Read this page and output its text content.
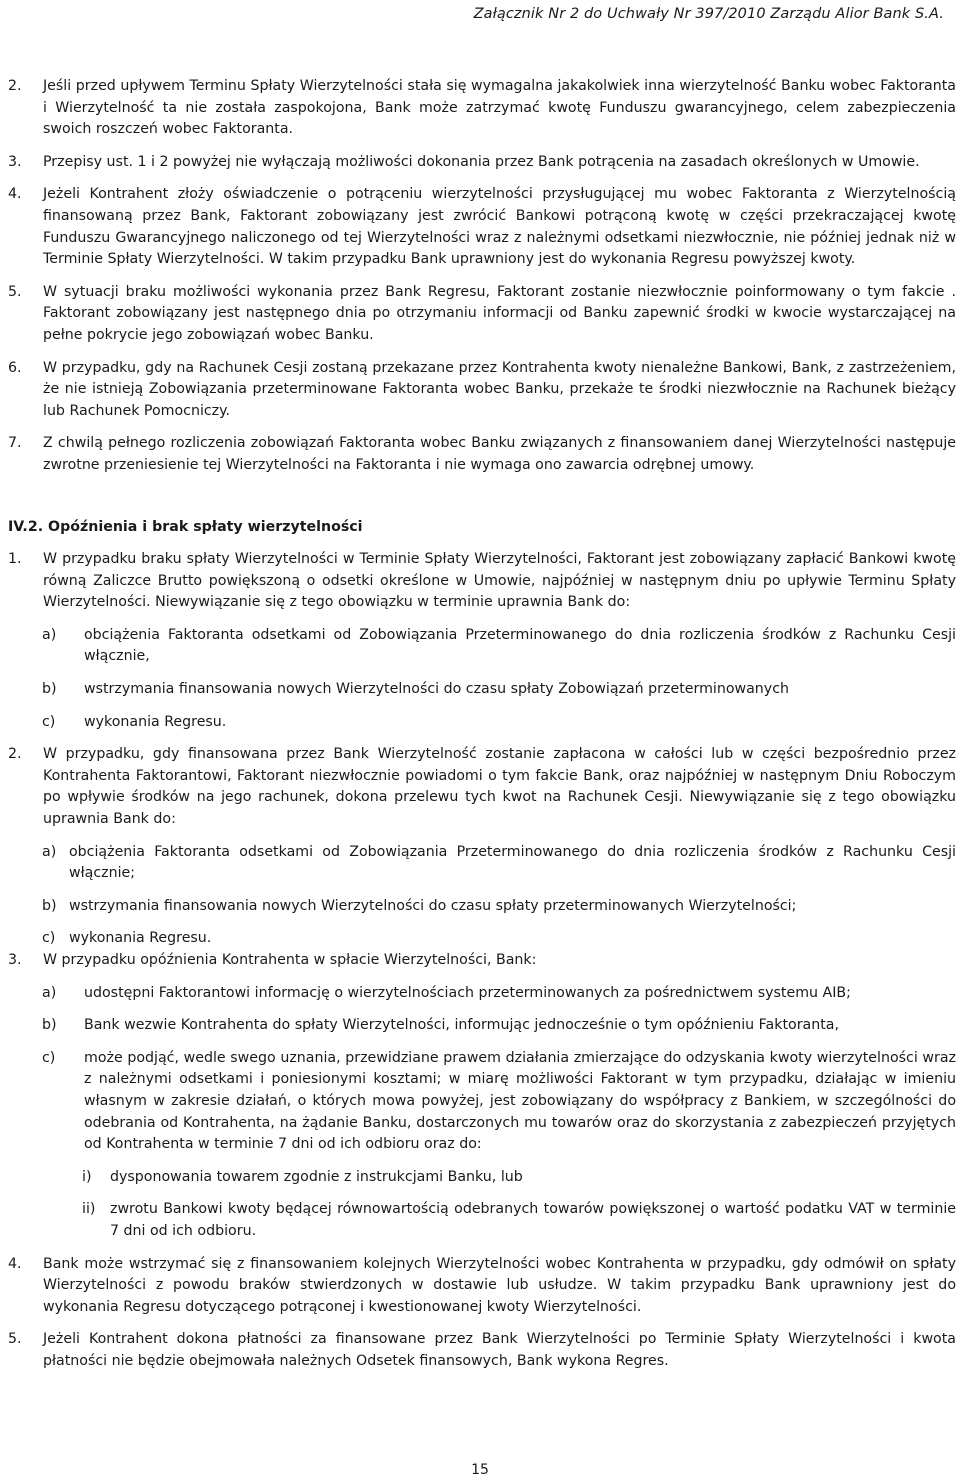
Załącznik Nr 2 do Uchwały Nr 397/2010 Zarządu Alior Bank S.A.
2. Jeśli przed upływem Terminu Spłaty Wierzytelności stała się wymagalna jakakolwiek inna wierzytelność Banku wobec Faktoranta i Wierzytelność ta nie została zaspokojona, Bank może zatrzymać kwotę Funduszu gwarancyjnego, celem zabezpieczenia swoich roszczeń wobec Faktoranta.

3. Przepisy ust. 1 i 2 powyżej nie wyłączają możliwości dokonania przez Bank potrącenia na zasadach określonych w Umowie.

4. Jeżeli Kontrahent złoży oświadczenie o potrąceniu wierzytelności przysługującej mu wobec Faktoranta z Wierzytelnością finansowaną przez Bank, Faktorant zobowiązany jest zwrócić Bankowi potrąconą kwotę w części przekraczającej kwotę Funduszu Gwarancyjnego naliczonego od tej Wierzytelności wraz z należnymi odsetkami niezwłocznie, nie później jednak niż w Terminie Spłaty Wierzytelności. W takim przypadku Bank uprawniony jest do wykonania Regresu powyższej kwoty.

5. W sytuacji braku możliwości wykonania przez Bank Regresu, Faktorant zostanie niezwłocznie poinformowany o tym fakcie . Faktorant zobowiązany jest następnego dnia po otrzymaniu informacji od Banku zapewnić środki w kwocie wystarczającej na pełne pokrycie jego zobowiązań wobec Banku.

6. W przypadku, gdy na Rachunek Cesji zostaną przekazane przez Kontrahenta kwoty nienależne Bankowi, Bank, z zastrzeżeniem, że nie istnieją Zobowiązania przeterminowane Faktoranta wobec Banku, przekaże te środki niezwłocznie na Rachunek bieżący lub Rachunek Pomocniczy.

7. Z chwilą pełnego rozliczenia zobowiązań Faktoranta wobec Banku związanych z finansowaniem danej Wierzytelności następuje zwrotne przeniesienie tej Wierzytelności na Faktoranta i nie wymaga ono zawarcia odrębnej umowy.

IV.2. Opóźnienia i brak spłaty wierzytelności
1. W przypadku braku spłaty Wierzytelności w Terminie Spłaty Wierzytelności, Faktorant jest zobowiązany zapłacić Bankowi kwotę równą Zaliczce Brutto powiększoną o odsetki określone w Umowie, najpóźniej w następnym dniu po upływie Terminu Spłaty Wierzytelności. Niewywiązanie się z tego obowiązku w terminie uprawnia Bank do:

a) obciążenia Faktoranta odsetkami od Zobowiązania Przeterminowanego do dnia rozliczenia środków z Rachunku Cesji włącznie,

b) wstrzymania finansowania nowych Wierzytelności do czasu spłaty Zobowiązań przeterminowanych

c) wykonania Regresu.

2. W przypadku, gdy finansowana przez Bank Wierzytelność zostanie zapłacona w całości lub w części bezpośrednio przez Kontrahenta Faktorantowi, Faktorant niezwłocznie powiadomi o tym fakcie Bank, oraz najpóźniej w następnym Dniu Roboczym po wpływie środków na jego rachunek, dokona przelewu tych kwot na Rachunek Cesji. Niewywiązanie się z tego obowiązku uprawnia Bank do:

a) obciążenia Faktoranta odsetkami od Zobowiązania Przeterminowanego do dnia rozliczenia środków z Rachunku Cesji włącznie;

b) wstrzymania finansowania nowych Wierzytelności do czasu spłaty przeterminowanych Wierzytelności;

c) wykonania Regresu.

3. W przypadku opóźnienia Kontrahenta w spłacie Wierzytelności, Bank:

a) udostępni Faktorantowi informację o wierzytelnościach przeterminowanych za pośrednictwem systemu AIB;

b) Bank wezwie Kontrahenta do spłaty Wierzytelności, informując jednocześnie o tym opóźnieniu Faktoranta,

c) może podjąć, wedle swego uznania, przewidziane prawem działania zmierzające do odzyskania kwoty wierzytelności wraz z należnymi odsetkami i poniesionymi kosztami; w miarę możliwości Faktorant w tym przypadku, działając w imieniu własnym w zakresie działań, o których mowa powyżej, jest zobowiązany do współpracy z Bankiem, w szczególności do odebrania od Kontrahenta, na żądanie Banku, dostarczonych mu towarów oraz do skorzystania z zabezpieczeń przyjętych od Kontrahenta w terminie 7 dni od ich odbioru oraz do:

i) dysponowania towarem zgodnie z instrukcjami Banku, lub

ii) zwrotu Bankowi kwoty będącej równowartością odebranych towarów powiększonej o wartość podatku VAT w terminie 7 dni od ich odbioru.

4. Bank może wstrzymać się z finansowaniem kolejnych Wierzytelności wobec Kontrahenta w przypadku, gdy odmówił on spłaty Wierzytelności z powodu braków stwierdzonych w dostawie lub usłudze. W takim przypadku Bank uprawniony jest do wykonania Regresu dotyczącego potrąconej i kwestionowanej kwoty Wierzytelności.

5. Jeżeli Kontrahent dokona płatności za finansowane przez Bank Wierzytelności po Terminie Spłaty Wierzytelności i kwota płatności nie będzie obejmowała należnych Odsetek finansowych, Bank wykona Regres.

15
